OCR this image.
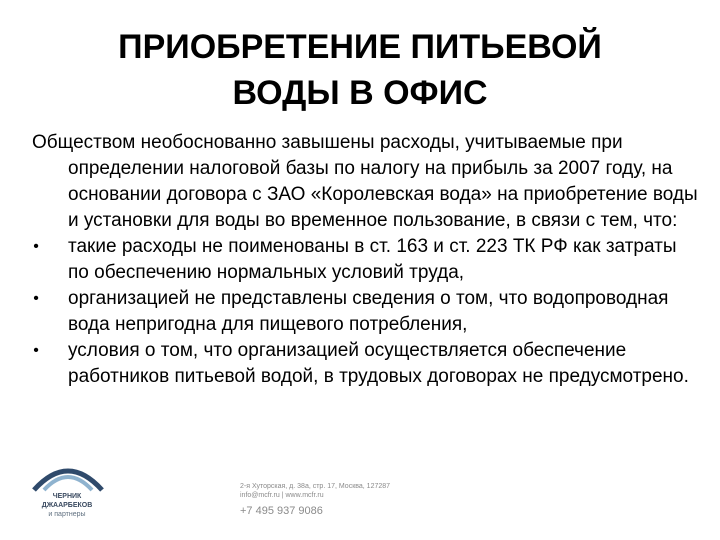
ПРИОБРЕТЕНИЕ ПИТЬЕВОЙ
ВОДЫ В ОФИС

Обществом необоснованно завышены расходы, учитываемые при определении налоговой базы по налогу на прибыль за 2007 году, на основании договора с ЗАО «Королевская вода» на приобретение воды и установки для воды во временное пользование, в связи с тем, что:

•	такие расходы не поименованы в ст. 163 и ст. 223 ТК РФ как затраты по обеспечению нормальных условий труда,
•	организацией не представлены сведения о том, что водопроводная вода непригодна для пищевого потребления,
•	условия о том, что организацией осуществляется обеспечение работников питьевой водой, в трудовых договорах не предусмотрено.
ЧЕРНИК
ДЖААРБЕКОВ
и партнеры
2-я Хуторская, д. 38а, стр. 17, Москва, 127287
info@mcfr.ru | www.mcfr.ru
+7 495 937 9086
